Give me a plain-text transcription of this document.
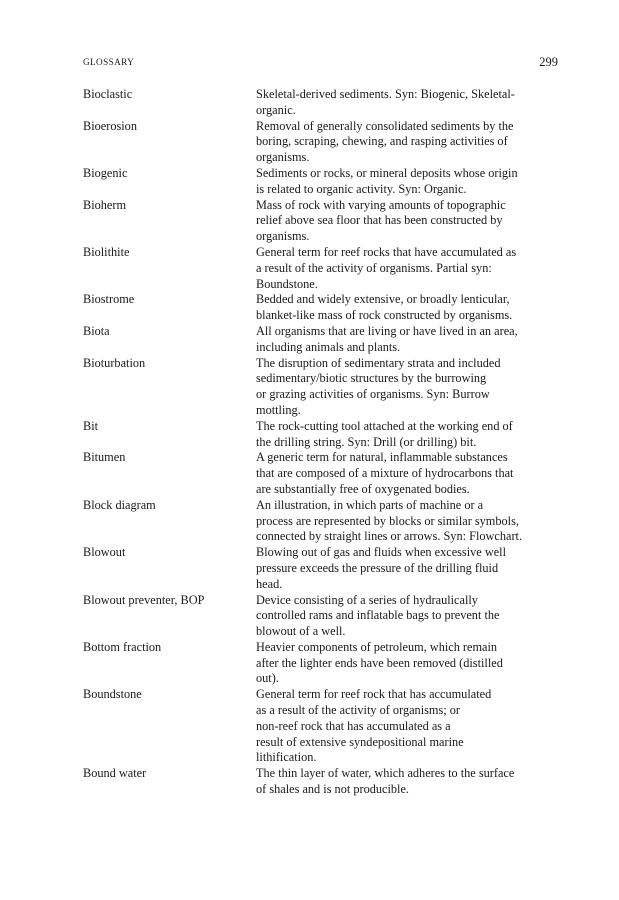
GLOSSARY	299
Bioclastic	Skeletal-derived sediments. Syn: Biogenic, Skeletal-
organic.
Bioerosion	Removal of generally consolidated sediments by the
boring, scraping, chewing, and rasping activities of
organisms.
Biogenic	Sediments or rocks, or mineral deposits whose origin
is related to organic activity. Syn: Organic.
Bioherm	Mass of rock with varying amounts of topographic
relief above sea floor that has been constructed by
organisms.
Biolithite	General term for reef rocks that have accumulated as
a result of the activity of organisms. Partial syn:
Boundstone.
Biostrome	Bedded and widely extensive, or broadly lenticular,
blanket-like mass of rock constructed by organisms.
Biota	All organisms that are living or have lived in an area,
including animals and plants.
Bioturbation	The disruption of sedimentary strata and included
sedimentary/biotic structures by the burrowing
or grazing activities of organisms. Syn: Burrow
mottling.
Bit	The rock-cutting tool attached at the working end of
the drilling string. Syn: Drill (or drilling) bit.
Bitumen	A generic term for natural, inflammable substances
that are composed of a mixture of hydrocarbons that
are substantially free of oxygenated bodies.
Block diagram	An illustration, in which parts of machine or a
process are represented by blocks or similar symbols,
connected by straight lines or arrows. Syn: Flowchart.
Blowout	Blowing out of gas and fluids when excessive well
pressure exceeds the pressure of the drilling fluid
head.
Blowout preventer, BOP	Device consisting of a series of hydraulically
controlled rams and inflatable bags to prevent the
blowout of a well.
Bottom fraction	Heavier components of petroleum, which remain
after the lighter ends have been removed (distilled
out).
Boundstone	General term for reef rock that has accumulated
as a result of the activity of organisms; or
non-reef rock that has accumulated as a
result of extensive syndepositional marine
lithification.
Bound water	The thin layer of water, which adheres to the surface
of shales and is not producible.
